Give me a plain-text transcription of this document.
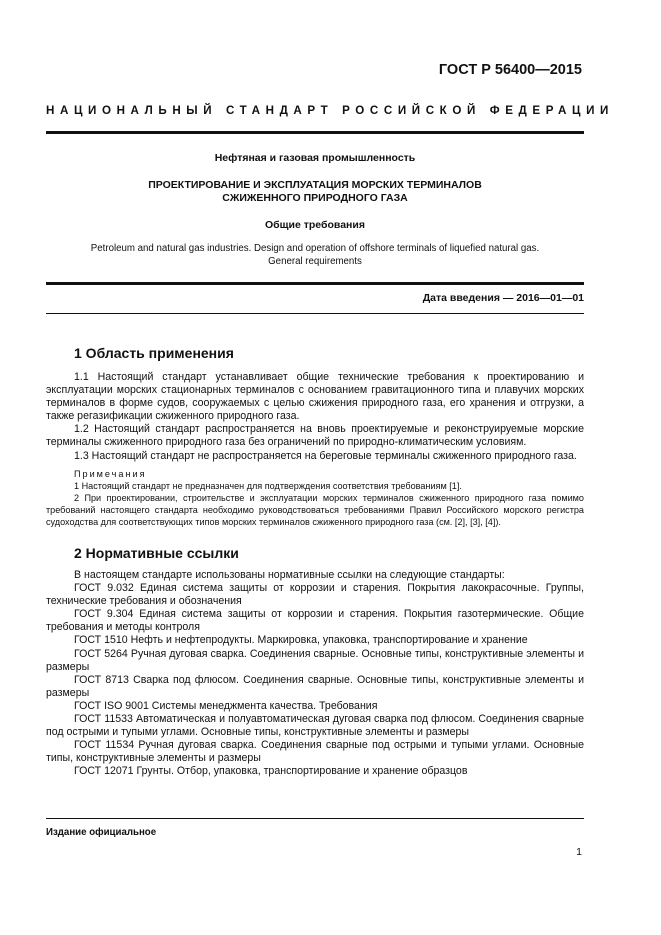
ГОСТ Р 56400—2015
НАЦИОНАЛЬНЫЙ СТАНДАРТ РОССИЙСКОЙ ФЕДЕРАЦИИ
Нефтяная и газовая промышленность
ПРОЕКТИРОВАНИЕ И ЭКСПЛУАТАЦИЯ МОРСКИХ ТЕРМИНАЛОВ
СЖИЖЕННОГО ПРИРОДНОГО ГАЗА
Общие требования
Petroleum and natural gas industries. Design and operation of offshore terminals of liquefied natural gas.
General requirements
Дата введения — 2016—01—01
1 Область применения

1.1 Настоящий стандарт устанавливает общие технические требования к проектированию и эксплуатации морских стационарных терминалов с основанием гравитационного типа и плавучих морских терминалов в форме судов, сооружаемых с целью сжижения природного газа, его хранения и отгрузки, а также регазификации сжиженного природного газа.

1.2 Настоящий стандарт распространяется на вновь проектируемые и реконструируемые морские терминалы сжиженного природного газа без ограничений по природно-климатическим условиям.

1.3 Настоящий стандарт не распространяется на береговые терминалы сжиженного природного газа.

Примечания

1 Настоящий стандарт не предназначен для подтверждения соответствия требованиям [1].

2 При проектировании, строительстве и эксплуатации морских терминалов сжиженного природного газа помимо требований настоящего стандарта необходимо руководствоваться требованиями Правил Российского морского регистра судоходства для соответствующих типов морских терминалов сжиженного природного газа (см. [2], [3], [4]).

2 Нормативные ссылки

В настоящем стандарте использованы нормативные ссылки на следующие стандарты:

ГОСТ 9.032 Единая система защиты от коррозии и старения. Покрытия лакокрасочные. Группы, технические требования и обозначения

ГОСТ 9.304 Единая система защиты от коррозии и старения. Покрытия газотермические. Общие требования и методы контроля

ГОСТ 1510 Нефть и нефтепродукты. Маркировка, упаковка, транспортирование и хранение

ГОСТ 5264 Ручная дуговая сварка. Соединения сварные. Основные типы, конструктивные элементы и размеры

ГОСТ 8713 Сварка под флюсом. Соединения сварные. Основные типы, конструктивные элементы и размеры

ГОСТ ISO 9001 Системы менеджмента качества. Требования

ГОСТ 11533 Автоматическая и полуавтоматическая дуговая сварка под флюсом. Соединения сварные под острыми и тупыми углами. Основные типы, конструктивные элементы и размеры

ГОСТ 11534 Ручная дуговая сварка. Соединения сварные под острыми и тупыми углами. Основные типы, конструктивные элементы и размеры

ГОСТ 12071 Грунты. Отбор, упаковка, транспортирование и хранение образцов

Издание официальное
1
